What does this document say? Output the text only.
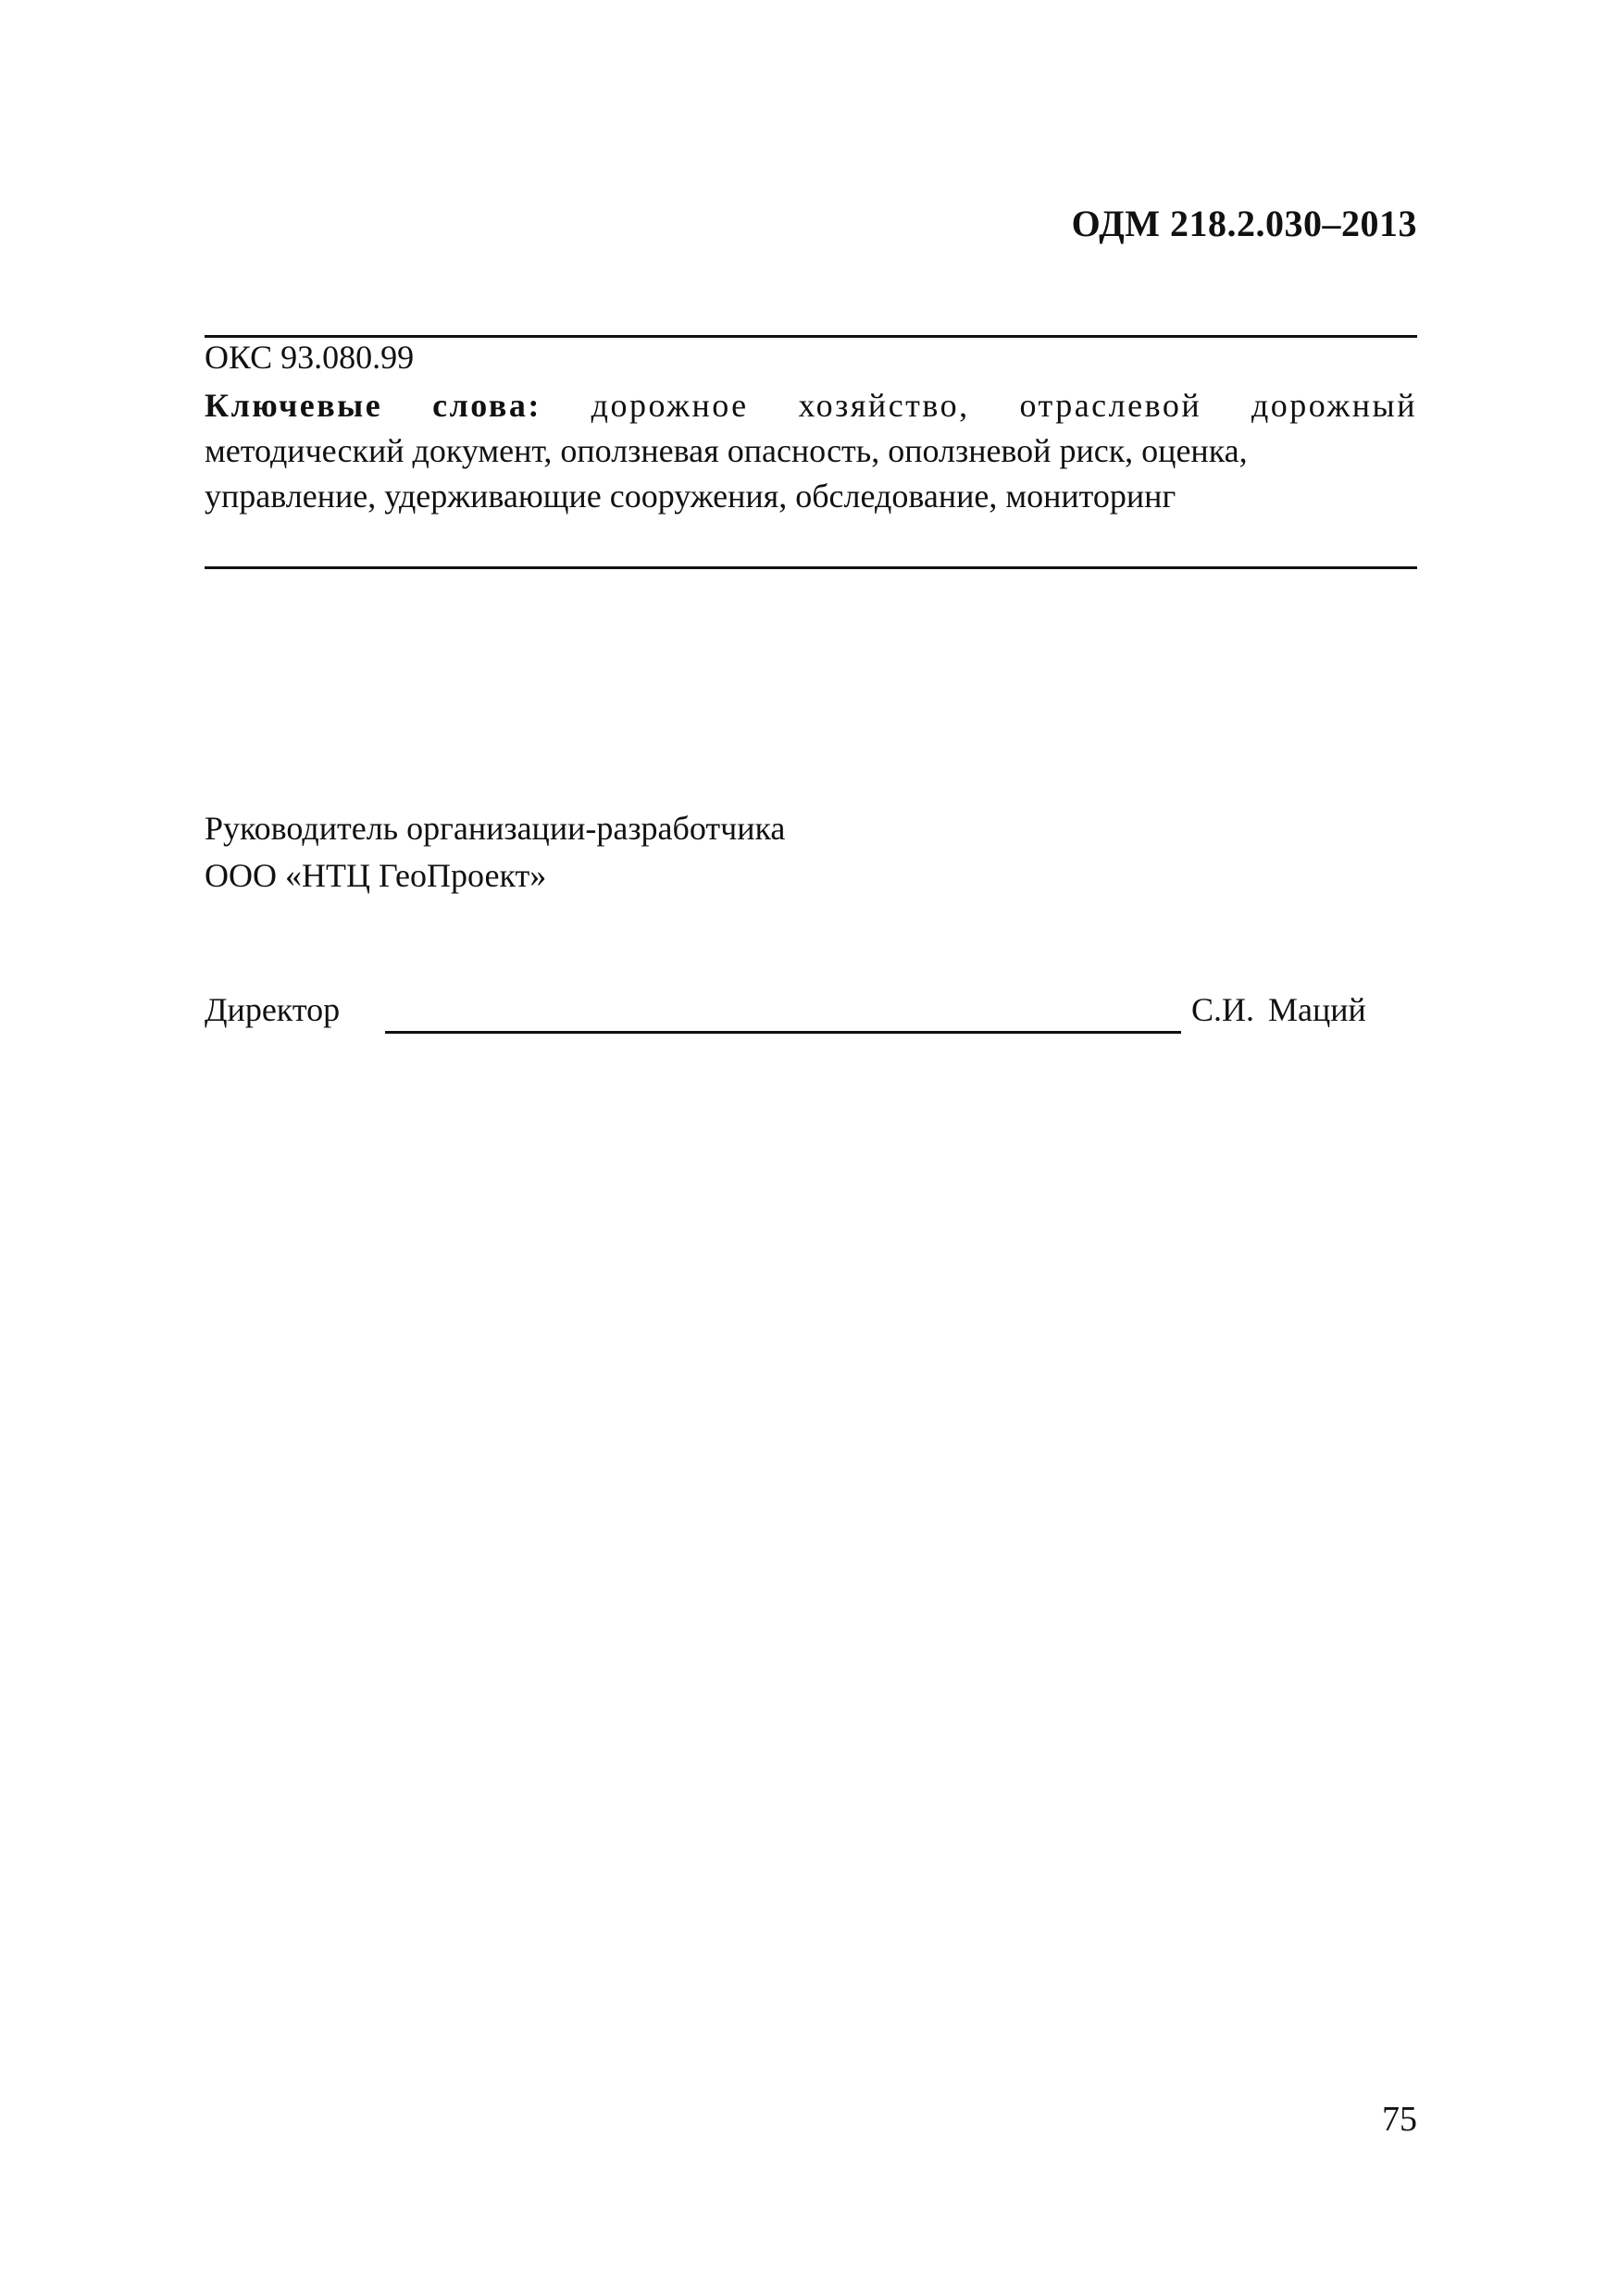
ОДМ 218.2.030–2013
ОКС 93.080.99
Ключевые слова: дорожное хозяйство, отраслевой дорожный
методический документ, оползневая опасность, оползневой риск, оценка,
управление, удерживающие сооружения, обследование, мониторинг
Руководитель организации-разработчика
ООО «НТЦ ГеоПроект»
Директор	С.И. Маций
75
